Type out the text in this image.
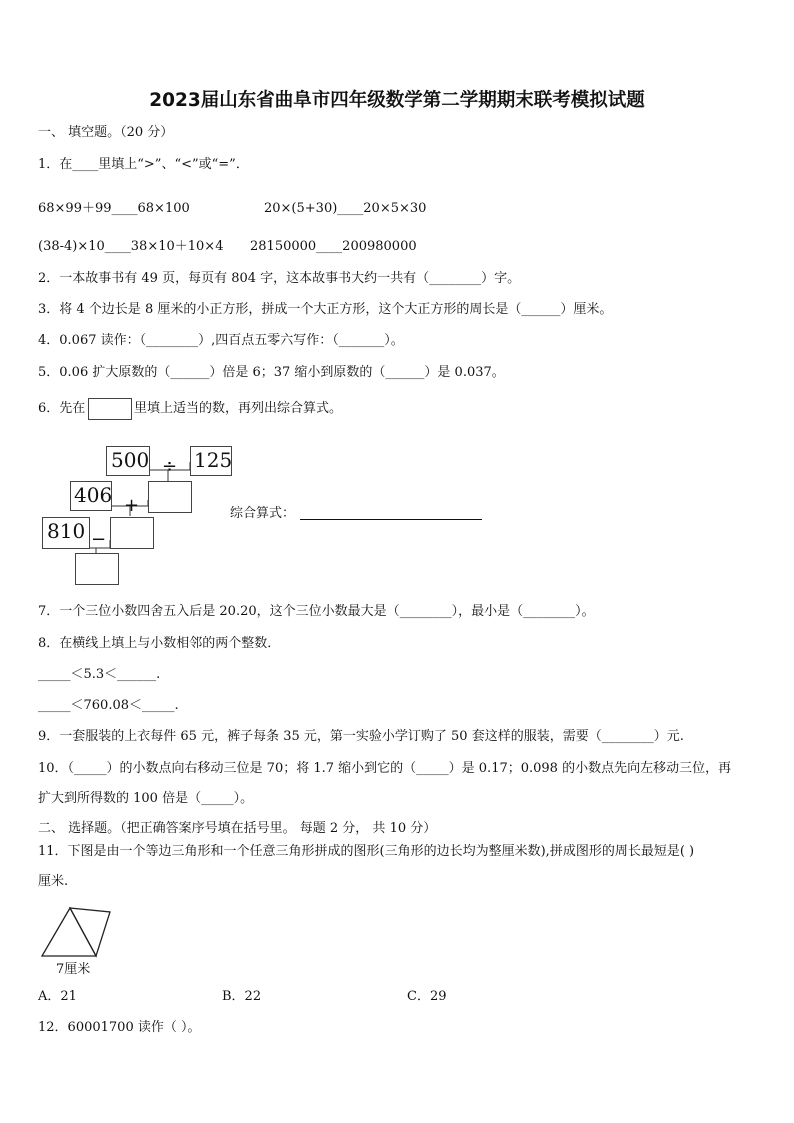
2023届山东省曲阜市四年级数学第二学期期末联考模拟试题
一、 填空题。（20 分）
1．在____里填上“>”、“<”或“=”．
68×99＋99____68×100	20×(5+30)____20×5×30
(38-4)×10____38×10＋10×4 28150000____200980000
2．一本故事书有 49 页，每页有 804 字，这本故事书大约一共有（________）字。
3．将 4 个边长是 8 厘米的小正方形，拼成一个大正方形，这个大正方形的周长是（______）厘米。
4．0.067 读作：（________）,四百点五零六写作：（_______）。
5．0.06 扩大原数的（______）倍是 6；37 缩小到原数的（______）是 0.037。
6．先在	里填上适当的数，再列出综合算式。
500 ÷ 125
406 +
810 −
综合算式：
7．一个三位小数四舍五入后是 20.20，这个三位小数最大是（________），最小是（________）。
8．在横线上填上与小数相邻的两个整数．
_____＜5.3＜______.
_____＜760.08＜_____.
9．一套服装的上衣每件 65 元，裤子每条 35 元，第一实验小学订购了 50 套这样的服装，需要（________）元.
10．（_____）的小数点向右移动三位是 70；将 1.7 缩小到它的（_____）是 0.17；0.098 的小数点先向左移动三位，再
扩大到所得数的 100 倍是（_____）。
二、 选择题。（把正确答案序号填在括号里。 每题 2 分， 共 10 分）
11．下图是由一个等边三角形和一个任意三角形拼成的图形(三角形的边长均为整厘米数),拼成图形的周长最短是( )
厘米.
7厘米
A．21	B．22	C．29
12．60001700 读作（ ）。
